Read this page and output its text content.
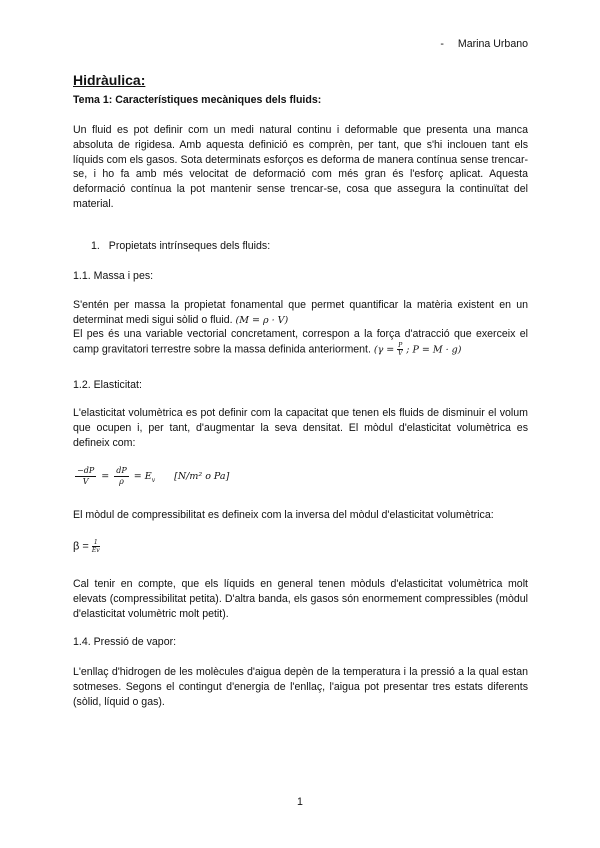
- Marina Urbano
Hidràulica:
Tema 1: Característiques mecàniques dels fluids:
Un fluid es pot definir com un medi natural continu i deformable que presenta una manca absoluta de rigidesa. Amb aquesta definició es comprèn, per tant, que s'hi inclouen tant els líquids com els gasos. Sota determinats esforços es deforma de manera contínua sense trencar-se, i ho fa amb més velocitat de deformació com més gran és l'esforç aplicat. Aquesta deformació contínua la pot mantenir sense trencar-se, cosa que assegura la continuïtat del material.
1. Propietats intrínseques dels fluids:
1.1. Massa i pes:
S'entén per massa la propietat fonamental que permet quantificar la matèria existent en un determinat medi sigui sòlid o fluid. (M = ρ · V)
El pes és una variable vectorial concretament, correspon a la força d'atracció que exerceix el camp gravitatori terrestre sobre la massa definida anteriorment. ($\gamma = \frac{P}{V}$ ; P = M · g)
1.2. Elasticitat:
L'elasticitat volumètrica es pot definir com la capacitat que tenen els fluids de disminuir el volum que ocupen i, per tant, d'augmentar la seva densitat. El mòdul d'elasticitat volumètrica es defineix com:
$\frac{-dP}{V} = \frac{dP}{\rho} = E_v$ [N/m² o Pa]
El mòdul de compressibilitat es defineix com la inversa del mòdul d'elasticitat volumètrica:
$\beta = \frac{1}{Ev}$
Cal tenir en compte, que els líquids en general tenen mòduls d'elasticitat volumètrica molt elevats (compressibilitat petita). D'altra banda, els gasos són enormement compressibles (mòdul d'elasticitat volumètric molt petit).
1.4. Pressió de vapor:
L'enllaç d'hidrogen de les molècules d'aigua depèn de la temperatura i la pressió a la qual estan sotmeses. Segons el contingut d'energia de l'enllaç, l'aigua pot presentar tres estats diferents (sòlid, líquid o gas).
1
